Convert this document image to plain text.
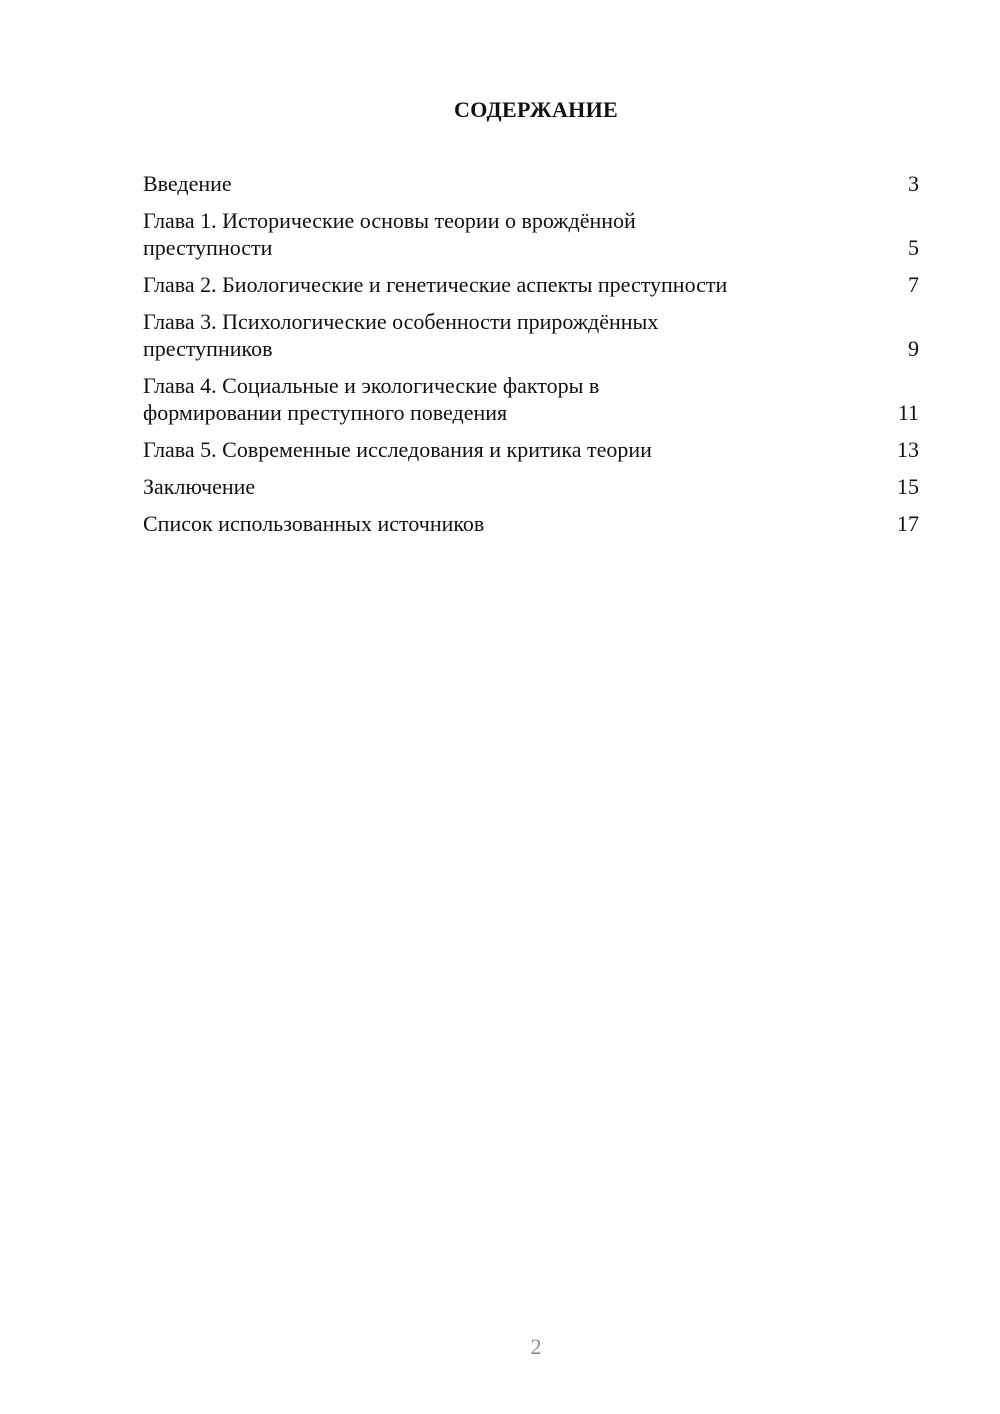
СОДЕРЖАНИЕ
Введение	3
Глава 1. Исторические основы теории о врождённой преступности	5
Глава 2. Биологические и генетические аспекты преступности	7
Глава 3. Психологические особенности прирождённых преступников	9
Глава 4. Социальные и экологические факторы в формировании преступного поведения	11
Глава 5. Современные исследования и критика теории	13
Заключение	15
Список использованных источников	17
2
